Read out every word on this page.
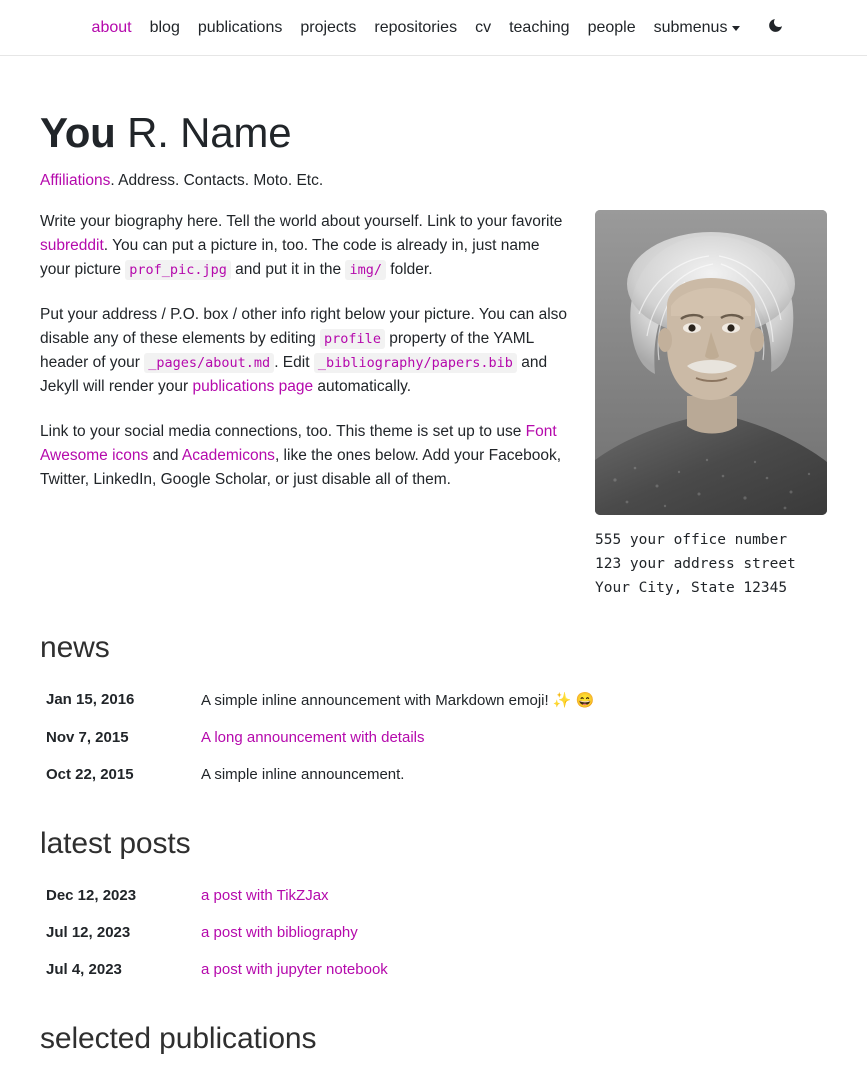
about	blog	publications	projects	repositories	cv	teaching	people	submenus
You R. Name

Affiliations. Address. Contacts. Moto. Etc.

555 your office number
123 your address street
Your City, State 12345

Write your biography here. Tell the world about yourself. Link to your favorite subreddit. You can put a picture in, too. The code is already in, just name your picture prof_pic.jpg and put it in the img/ folder.

Put your address / P.O. box / other info right below your picture. You can also disable any of these elements by editing profile property of the YAML header of your _pages/about.md . Edit _bibliography/papers.bib and Jekyll will render your publications page automatically.

Link to your social media connections, too. This theme is set up to use Font Awesome icons and Academicons, like the ones below. Add your Facebook, Twitter, LinkedIn, Google Scholar, or just disable all of them.

news
Jan 15, 2016	A simple inline announcement with Markdown emoji! ✨ 😄
Nov 7, 2015	A long announcement with details
Oct 22, 2015	A simple inline announcement.
latest posts
Dec 12, 2023	a post with TikZJax
Jul 12, 2023	a post with bibliography
Jul 4, 2023	a post with jupyter notebook
selected publications
